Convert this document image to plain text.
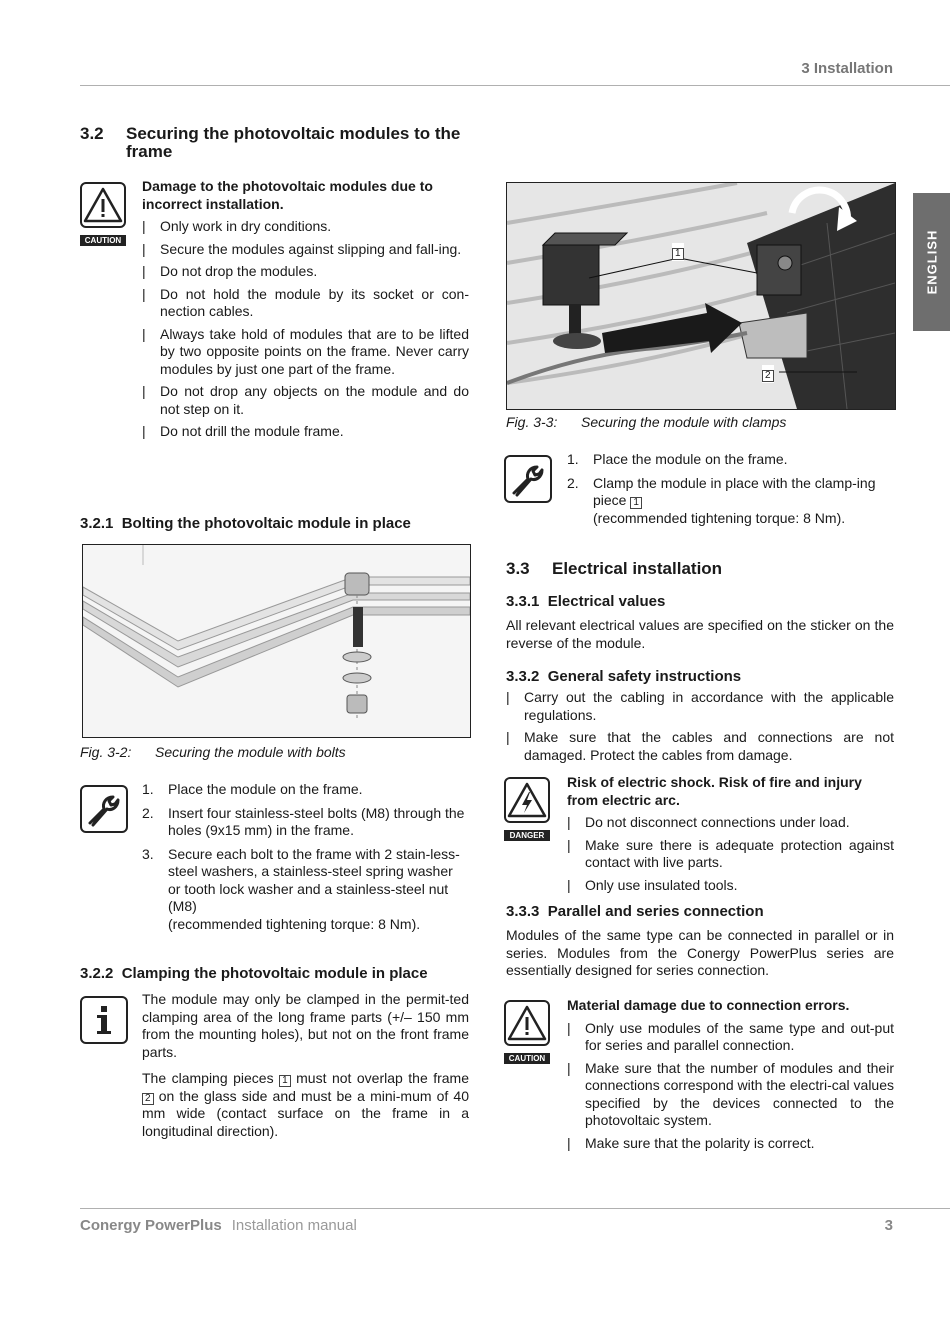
3 Installation
ENGLISH
3.2	Securing the photovoltaic modules to the frame
CAUTION
Damage to the photovoltaic modules due to incorrect installation.
| Only work in dry conditions.
| Secure the modules against slipping and fall-ing.
| Do not drop the modules.
| Do not hold the module by its socket or con-nection cables.
| Always take hold of modules that are to be lifted by two opposite points on the frame. Never carry modules by just one part of the frame.
| Do not drop any objects on the module and do not step on it.
| Do not drill the module frame.
3.2.1 Bolting the photovoltaic module in place
Fig. 3-2: Securing the module with bolts
1. Place the module on the frame.
2. Insert four stainless-steel bolts (M8) through the holes (9x15 mm) in the frame.
3. Secure each bolt to the frame with 2 stain-less-steel washers, a stainless-steel spring washer or tooth lock washer and a stainless-steel nut (M8)
(recommended tightening torque: 8 Nm).
3.2.2 Clamping the photovoltaic module in place
The module may only be clamped in the permit-ted clamping area of the long frame parts (+/– 150 mm from the mounting holes), but not on the front frame parts.
The clamping pieces 1 must not overlap the frame 2 on the glass side and must be a mini-mum of 40 mm wide (contact surface on the frame in a longitudinal direction).
1
2
Fig. 3-3: Securing the module with clamps
1. Place the module on the frame.
2. Clamp the module in place with the clamp-ing piece 1
(recommended tightening torque: 8 Nm).
3.3 Electrical installation
3.3.1 Electrical values
All relevant electrical values are specified on the sticker on the reverse of the module.
3.3.2 General safety instructions
| Carry out the cabling in accordance with the applicable regulations.
| Make sure that the cables and connections are not damaged. Protect the cables from damage.
DANGER
Risk of electric shock. Risk of fire and injury from electric arc.
| Do not disconnect connections under load.
| Make sure there is adequate protection against contact with live parts.
| Only use insulated tools.
3.3.3 Parallel and series connection
Modules of the same type can be connected in parallel or in series. Modules from the Conergy PowerPlus series are essentially designed for series connection.
CAUTION
Material damage due to connection errors.
| Only use modules of the same type and out-put for series and parallel connection.
| Make sure that the number of modules and their connections correspond with the electri-cal values specified by the devices connected to the photovoltaic system.
| Make sure that the polarity is correct.
Conergy PowerPlus Installation manual	3
